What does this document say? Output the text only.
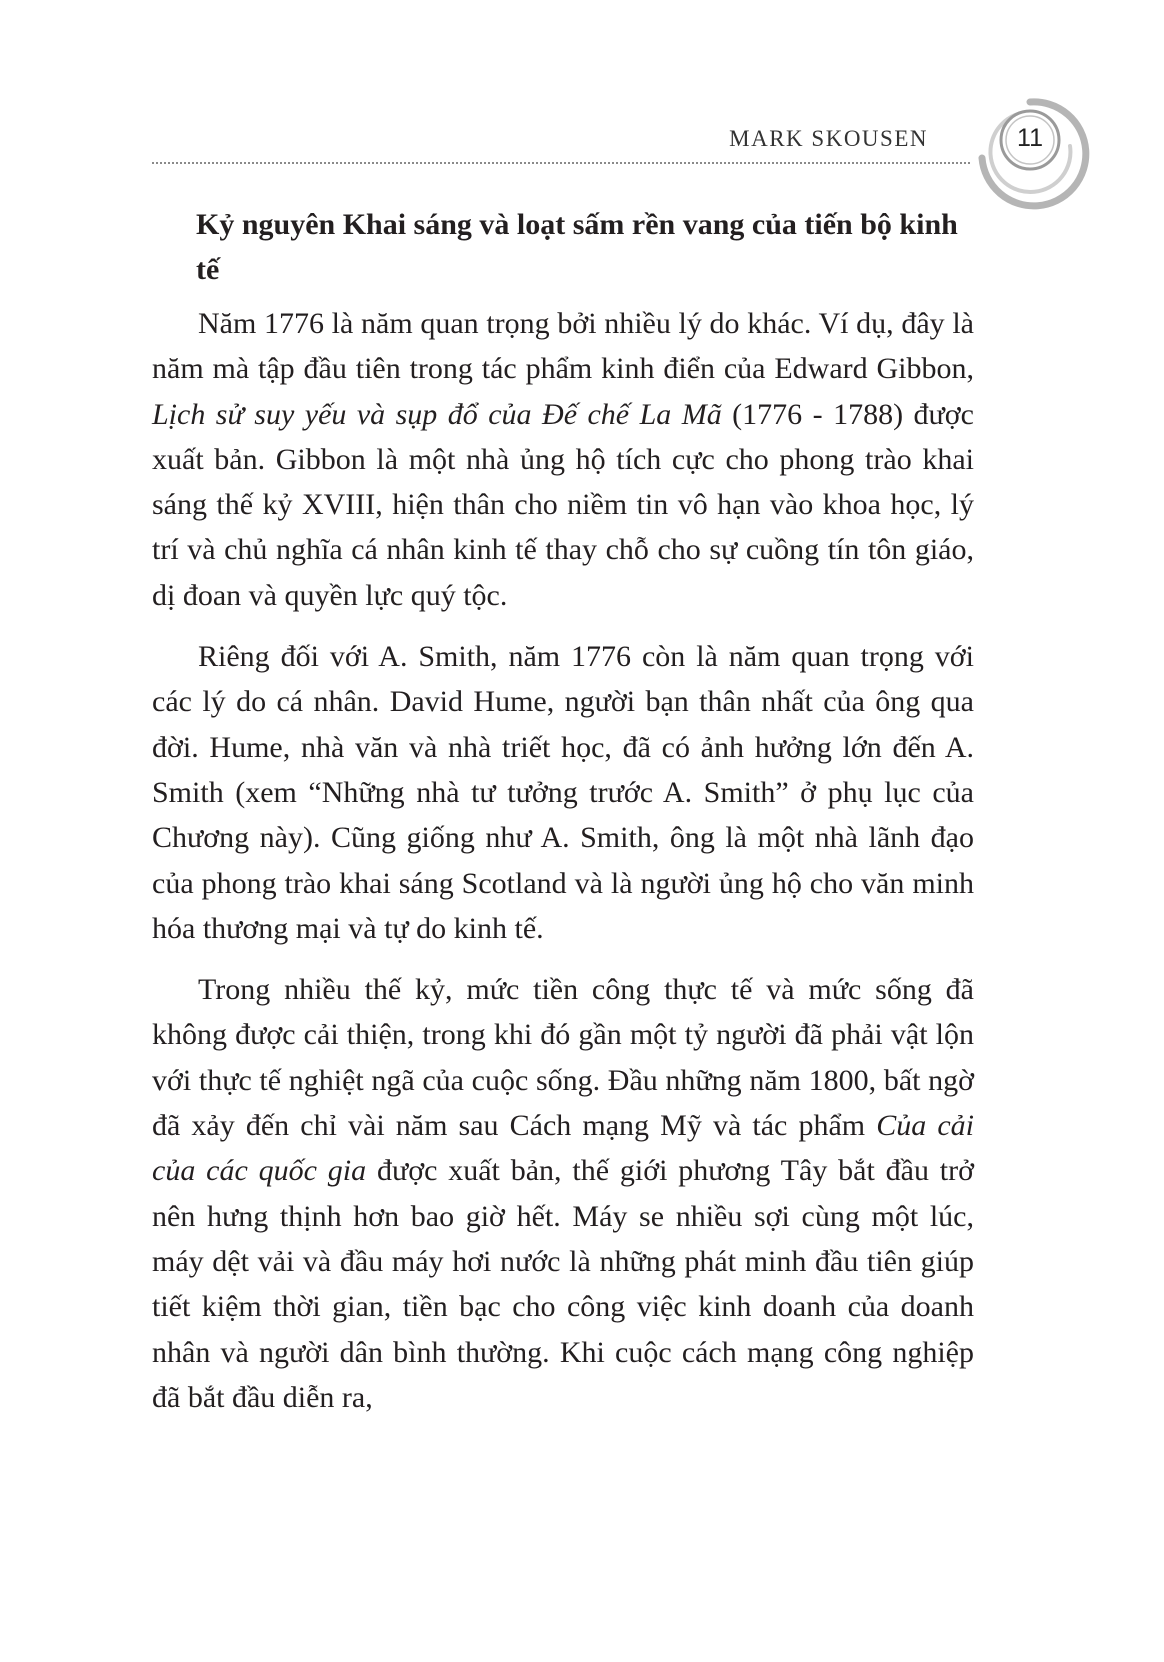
MARK SKOUSEN	11

Kỷ nguyên Khai sáng và loạt sấm rền vang của tiến bộ kinh tế

Năm 1776 là năm quan trọng bởi nhiều lý do khác. Ví dụ, đây là năm mà tập đầu tiên trong tác phẩm kinh điển của Edward Gibbon, Lịch sử suy yếu và sụp đổ của Đế chế La Mã (1776 - 1788) được xuất bản. Gibbon là một nhà ủng hộ tích cực cho phong trào khai sáng thế kỷ XVIII, hiện thân cho niềm tin vô hạn vào khoa học, lý trí và chủ nghĩa cá nhân kinh tế thay chỗ cho sự cuồng tín tôn giáo, dị đoan và quyền lực quý tộc.

Riêng đối với A. Smith, năm 1776 còn là năm quan trọng với các lý do cá nhân. David Hume, người bạn thân nhất của ông qua đời. Hume, nhà văn và nhà triết học, đã có ảnh hưởng lớn đến A. Smith (xem “Những nhà tư tưởng trước A. Smith” ở phụ lục của Chương này). Cũng giống như A. Smith, ông là một nhà lãnh đạo của phong trào khai sáng Scotland và là người ủng hộ cho văn minh hóa thương mại và tự do kinh tế.

Trong nhiều thế kỷ, mức tiền công thực tế và mức sống đã không được cải thiện, trong khi đó gần một tỷ người đã phải vật lộn với thực tế nghiệt ngã của cuộc sống. Đầu những năm 1800, bất ngờ đã xảy đến chỉ vài năm sau Cách mạng Mỹ và tác phẩm Của cải của các quốc gia được xuất bản, thế giới phương Tây bắt đầu trở nên hưng thịnh hơn bao giờ hết. Máy se nhiều sợi cùng một lúc, máy dệt vải và đầu máy hơi nước là những phát minh đầu tiên giúp tiết kiệm thời gian, tiền bạc cho công việc kinh doanh của doanh nhân và người dân bình thường. Khi cuộc cách mạng công nghiệp đã bắt đầu diễn ra,
